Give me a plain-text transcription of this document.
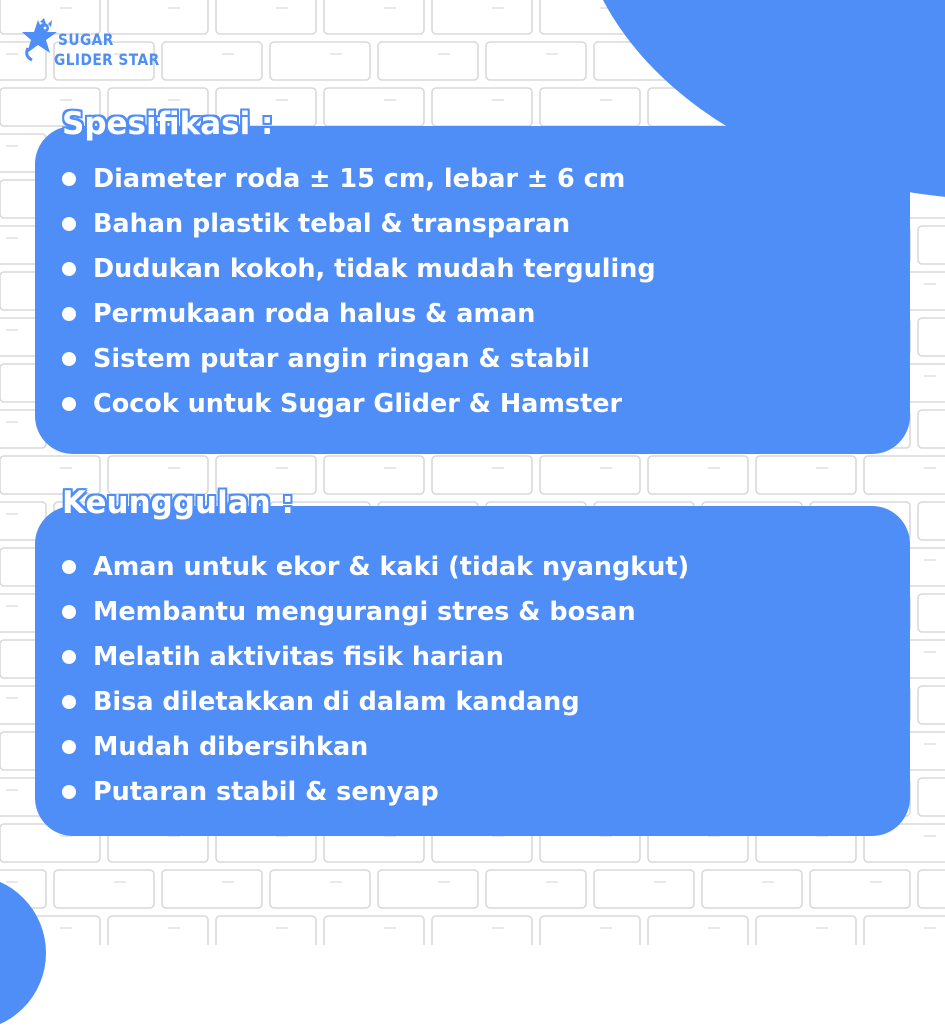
SUGAR
GLIDER STAR
Spesifikasi :
Diameter roda ± 15 cm, lebar ± 6 cm
Bahan plastik tebal & transparan
Dudukan kokoh, tidak mudah terguling
Permukaan roda halus & aman
Sistem putar angin ringan & stabil
Cocok untuk Sugar Glider & Hamster
Keunggulan :
Aman untuk ekor & kaki (tidak nyangkut)
Membantu mengurangi stres & bosan
Melatih aktivitas fisik harian
Bisa diletakkan di dalam kandang
Mudah dibersihkan
Putaran stabil & senyap
